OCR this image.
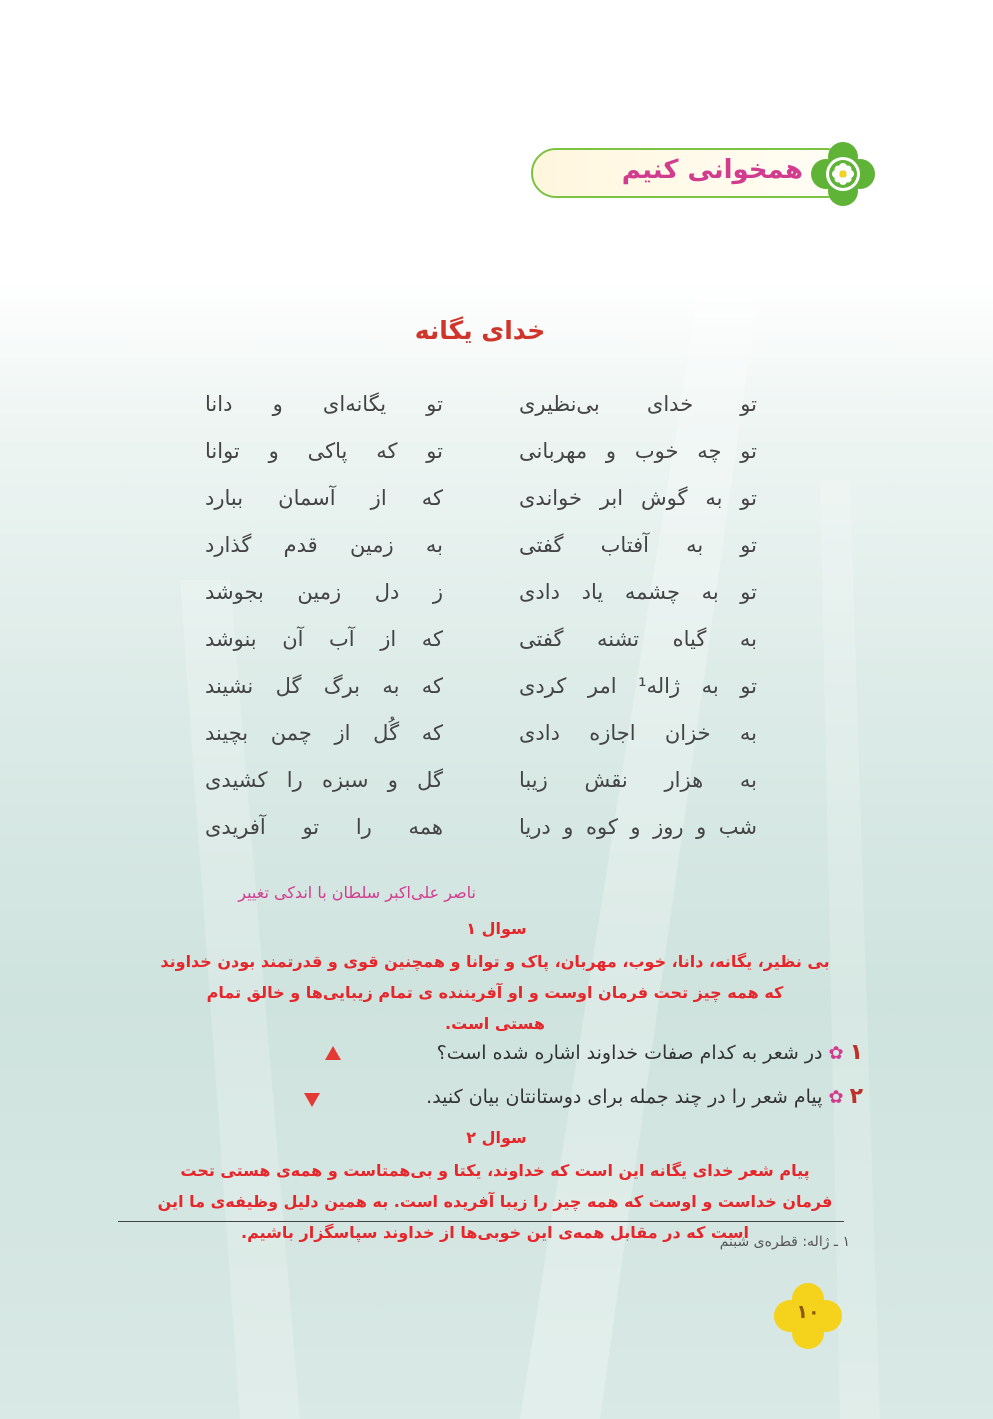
همخوانی کنیم
خدای یگانه
تو
خدای
بی‌نظیری
تو
یگانه‌ای
و
دانا
تو
چه
خوب
و
مهربانی
تو
که
پاکی
و
توانا
تو
به
گوش
ابر
خواندی
که
از
آسمان
ببارد
تو
به
آفتاب
گفتی
به
زمین
قدم
گذارد
تو
به
چشمه
یاد
دادی
ز
دل
زمین
بجوشد
به
گیاه
تشنه
گفتی
که
از
آب
آن
بنوشد
تو
به
ژاله¹
امر
کردی
که
به
برگ
گل
نشیند
به
خزان
اجازه
دادی
که
گُل
از
چمن
بچیند
به
هزار
نقش
زیبا
گل
و
سبزه
را
کشیدی
شب
و
روز
و
کوه
و
دریا
همه
را
تو
آفریدی
ناصر علی‌اکبر سلطان با اندکی تغییر
سوال ۱
بی نظیر، یگانه، دانا، خوب، مهربان، پاک و توانا و همچنین قوی و قدرتمند بودن خداوند
که همه چیز تحت فرمان اوست و او آفریننده ی تمام زیبایی‌ها و خالق تمام
هستی است.
۱✿در شعر به کدام صفات خداوند اشاره شده است؟
۲✿پیام شعر را در چند جمله برای دوستانتان بیان کنید.
سوال ۲
پیام شعر خدای یگانه این است که خداوند، یکتا و بی‌همتاست و همه‌ی هستی تحت
فرمان خداست و اوست که همه چیز را زیبا آفریده است. به همین دلیل وظیفه‌ی ما این
است که در مقابل همه‌ی این خوبی‌ها از خداوند سپاسگزار باشیم.
۱ ـ ژاله: قطره‌ی شبنم
۱۰
